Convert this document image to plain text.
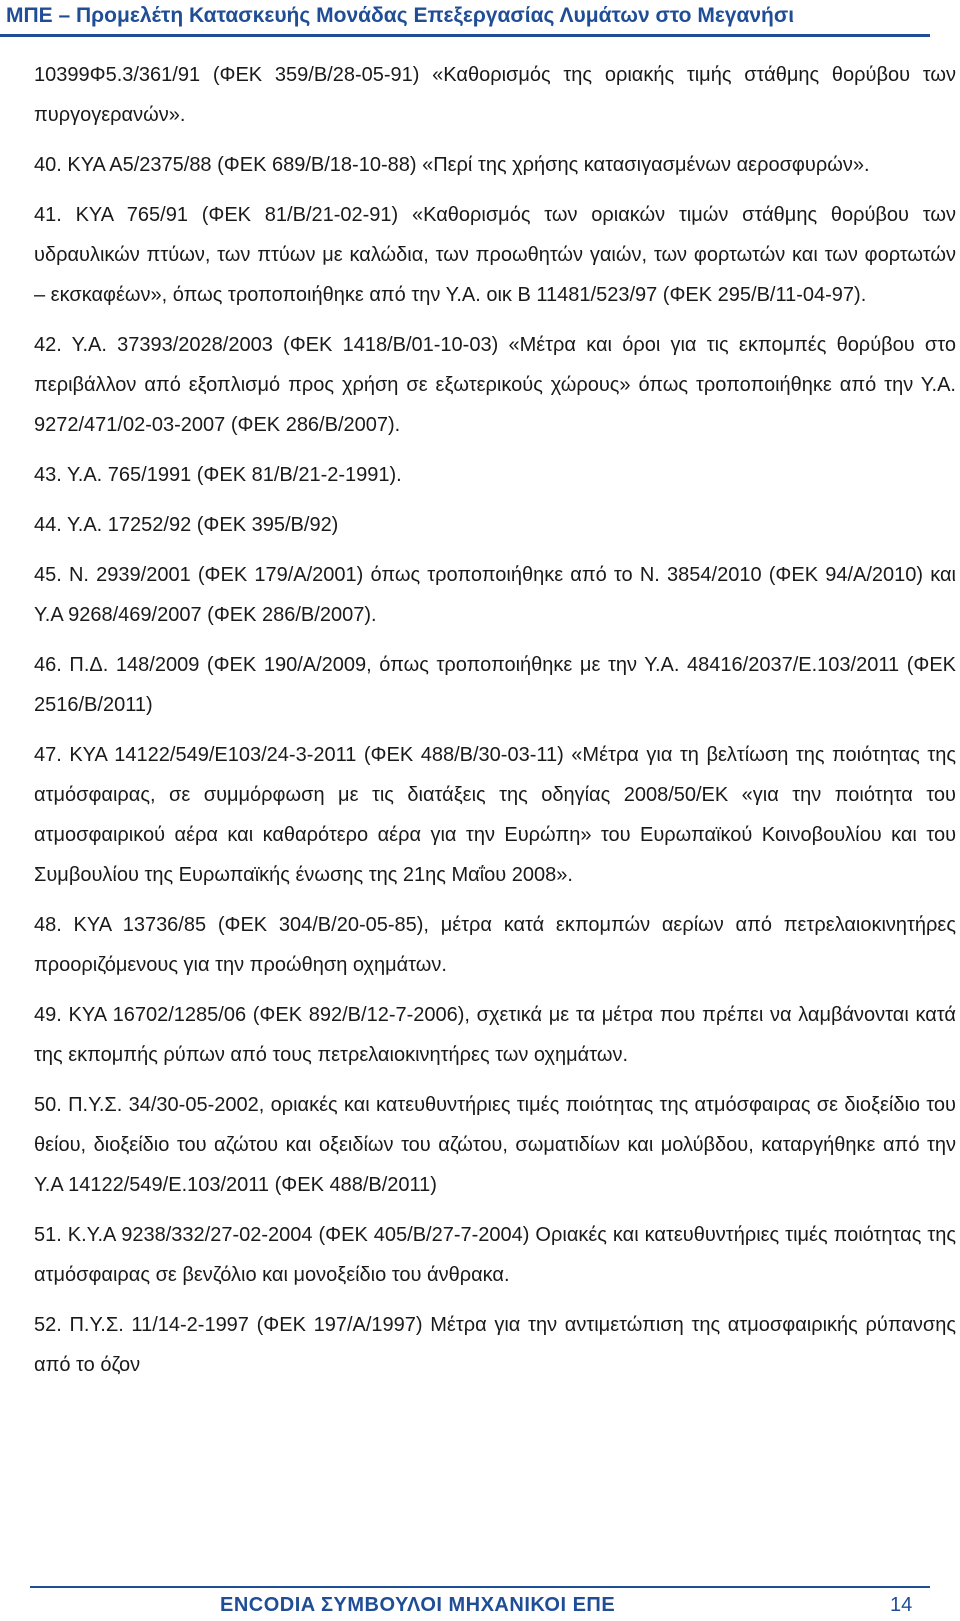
ΜΠΕ – Προμελέτη Κατασκευής Μονάδας Επεξεργασίας Λυμάτων στο Μεγανήσι

10399Φ5.3/361/91 (ΦΕΚ 359/Β/28-05-91) «Καθορισμός της οριακής τιμής στάθμης θορύβου των πυργογερανών».

40. ΚΥΑ Α5/2375/88 (ΦΕΚ 689/Β/18-10-88) «Περί της χρήσης κατασιγασμένων αεροσφυρών».

41. ΚΥΑ 765/91 (ΦΕΚ 81/Β/21-02-91) «Καθορισμός των οριακών τιμών στάθμης θορύβου των υδραυλικών πτύων, των πτύων με καλώδια, των προωθητών γαιών, των φορτωτών και των φορτωτών – εκσκαφέων», όπως τροποποιήθηκε από την Υ.Α. οικ Β 11481/523/97 (ΦΕΚ 295/Β/11-04-97).

42. Υ.Α. 37393/2028/2003 (ΦΕΚ 1418/Β/01-10-03) «Μέτρα και όροι για τις εκπομπές θορύβου στο περιβάλλον από εξοπλισμό προς χρήση σε εξωτερικούς χώρους» όπως τροποποιήθηκε από την Υ.Α. 9272/471/02-03-2007 (ΦΕΚ 286/Β/2007).

43. Υ.Α. 765/1991 (ΦΕΚ 81/Β/21-2-1991).

44. Υ.Α. 17252/92 (ΦΕΚ 395/Β/92)

45. Ν. 2939/2001 (ΦΕΚ 179/Α/2001) όπως τροποποιήθηκε από το Ν. 3854/2010 (ΦΕΚ 94/Α/2010) και Υ.Α 9268/469/2007 (ΦΕΚ 286/Β/2007).

46. Π.Δ. 148/2009 (ΦΕΚ 190/Α/2009, όπως τροποποιήθηκε με την Υ.Α. 48416/2037/Ε.103/2011 (ΦΕΚ 2516/Β/2011)

47. ΚΥΑ 14122/549/Ε103/24-3-2011 (ΦΕΚ 488/Β/30-03-11) «Μέτρα για τη βελτίωση της ποιότητας της ατμόσφαιρας, σε συμμόρφωση με τις διατάξεις της οδηγίας 2008/50/ΕΚ «για την ποιότητα του ατμοσφαιρικού αέρα και καθαρότερο αέρα για την Ευρώπη» του Ευρωπαϊκού Κοινοβουλίου και του Συμβουλίου της Ευρωπαϊκής ένωσης της 21ης Μαΐου 2008».

48. ΚΥΑ 13736/85 (ΦΕΚ 304/Β/20-05-85), μέτρα κατά εκπομπών αερίων από πετρελαιοκινητήρες προοριζόμενους για την προώθηση οχημάτων.

49. ΚΥΑ 16702/1285/06 (ΦΕΚ 892/Β/12-7-2006), σχετικά με τα μέτρα που πρέπει να λαμβάνονται κατά της εκπομπής ρύπων από τους πετρελαιοκινητήρες των οχημάτων.

50. Π.Υ.Σ. 34/30-05-2002, οριακές και κατευθυντήριες τιμές ποιότητας της ατμόσφαιρας σε διοξείδιο του θείου, διοξείδιο του αζώτου και οξειδίων του αζώτου, σωματιδίων και μολύβδου, καταργήθηκε από την Υ.Α 14122/549/Ε.103/2011 (ΦΕΚ 488/Β/2011)

51. Κ.Υ.Α 9238/332/27-02-2004 (ΦΕΚ 405/Β/27-7-2004) Οριακές και κατευθυντήριες τιμές ποιότητας της ατμόσφαιρας σε βενζόλιο και μονοξείδιο του άνθρακα.

52. Π.Υ.Σ. 11/14-2-1997 (ΦΕΚ 197/Α/1997) Μέτρα για την αντιμετώπιση της ατμοσφαιρικής ρύπανσης από το όζον

ENCODIA ΣΥΜΒΟΥΛΟΙ ΜΗΧΑΝΙΚΟΙ ΕΠΕ	14
